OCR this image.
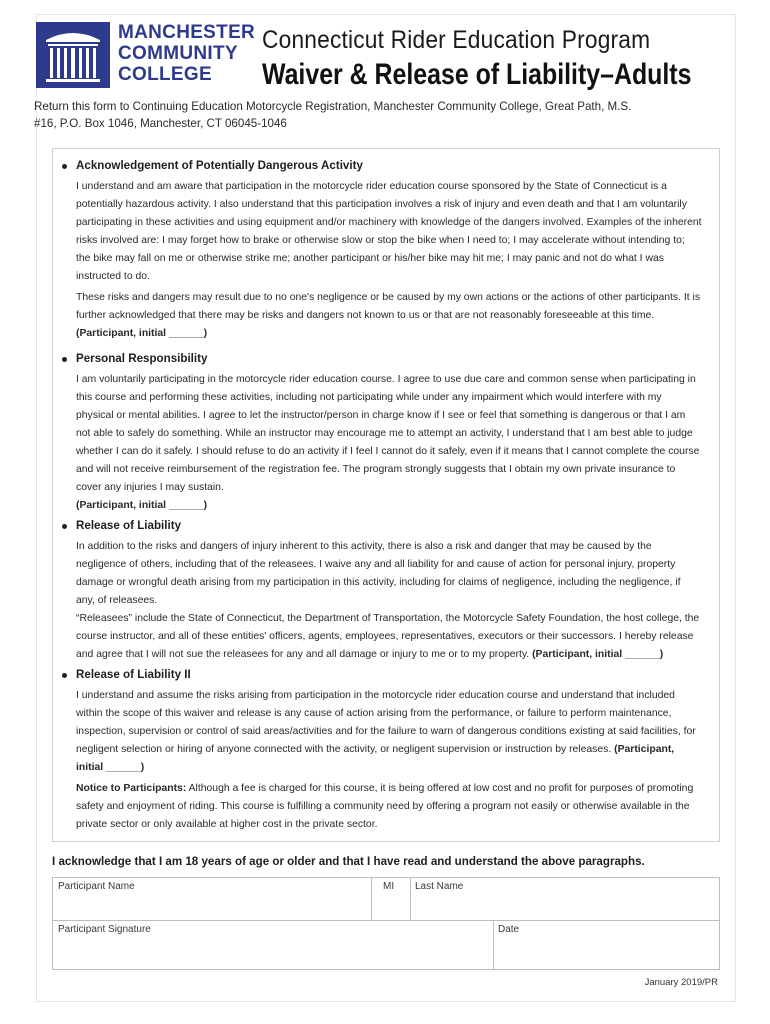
MANCHESTER
COMMUNITY
COLLEGE
Connecticut Rider Education Program
Waiver & Release of Liability–Adults
Return this form to Continuing Education Motorcycle Registration, Manchester Community College, Great Path, M.S. #16, P.O. Box 1046, Manchester, CT 06045-1046
Acknowledgement of Potentially Dangerous Activity

I understand and am aware that participation in the motorcycle rider education course sponsored by the State of Connecticut is a potentially hazardous activity. I also understand that this participation involves a risk of injury and even death and that I am voluntarily participating in these activities and using equipment and/or machinery with knowledge of the dangers involved. Examples of the inherent risks involved are: I may forget how to brake or otherwise slow or stop the bike when I need to; I may accelerate without intending to; the bike may fall on me or otherwise strike me; another participant or his/her bike may hit me; I may panic and not do what I was instructed to do.

These risks and dangers may result due to no one's negligence or be caused by my own actions or the actions of other participants. It is further acknowledged that there may be risks and dangers not known to us or that are not reasonably foreseeable at this time.
(Participant, initial ______)

Personal Responsibility

I am voluntarily participating in the motorcycle rider education course. I agree to use due care and common sense when participating in this course and performing these activities, including not participating while under any impairment which would interfere with my physical or mental abilities. I agree to let the instructor/person in charge know if I see or feel that something is dangerous or that I am not able to safely do something. While an instructor may encourage me to attempt an activity, I understand that I am best able to judge whether I can do it safely. I should refuse to do an activity if I feel I cannot do it safely, even if it means that I cannot complete the course and will not receive reimbursement of the registration fee. The program strongly suggests that I obtain my own private insurance to cover any injuries I may sustain.
(Participant, initial ______)

Release of Liability

In addition to the risks and dangers of injury inherent to this activity, there is also a risk and danger that may be caused by the negligence of others, including that of the releasees. I waive any and all liability for and cause of action for personal injury, property damage or wrongful death arising from my participation in this activity, including for claims of negligence, including the negligence, if any, of releasees.

“Releasees” include the State of Connecticut, the Department of Transportation, the Motorcycle Safety Foundation, the host college, the course instructor, and all of these entities' officers, agents, employees, representatives, executors or their successors. I hereby release and agree that I will not sue the releasees for any and all damage or injury to me or to my property. (Participant, initial ______)

Release of Liability II

I understand and assume the risks arising from participation in the motorcycle rider education course and understand that included within the scope of this waiver and release is any cause of action arising from the performance, or failure to perform maintenance, inspection, supervision or control of said areas/activities and for the failure to warn of dangerous conditions existing at said facilities, for negligent selection or hiring of anyone connected with the activity, or negligent supervision or instruction by releases. (Participant, initial ______)

Notice to Participants: Although a fee is charged for this course, it is being offered at low cost and no profit for purposes of promoting safety and enjoyment of riding. This course is fulfilling a community need by offering a program not easily or otherwise available in the private sector or only available at higher cost in the private sector.

I acknowledge that I am 18 years of age or older and that I have read and understand the above paragraphs.
Participant Name	MI	Last Name
Participant Signature	Date
January 2019/PR
